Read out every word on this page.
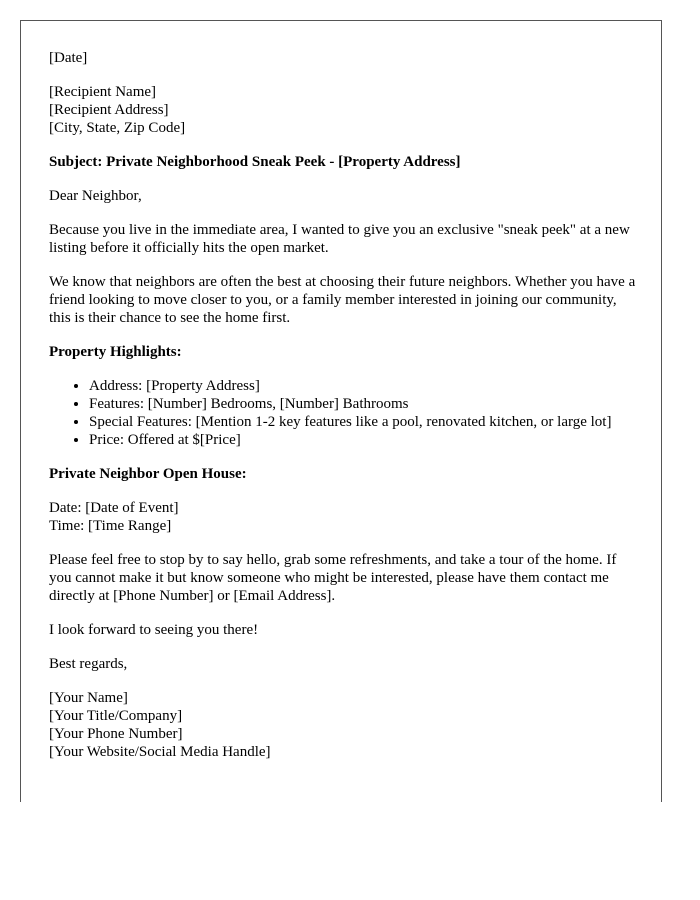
[Date]

[Recipient Name]
[Recipient Address]
[City, State, Zip Code]

Subject: Private Neighborhood Sneak Peek - [Property Address]

Dear Neighbor,

Because you live in the immediate area, I wanted to give you an exclusive "sneak peek" at a new listing before it officially hits the open market.

We know that neighbors are often the best at choosing their future neighbors. Whether you have a friend looking to move closer to you, or a family member interested in joining our community, this is their chance to see the home first.

Property Highlights:

• Address: [Property Address]
• Features: [Number] Bedrooms, [Number] Bathrooms
• Special Features: [Mention 1-2 key features like a pool, renovated kitchen, or large lot]
• Price: Offered at $[Price]

Private Neighbor Open House:

Date: [Date of Event]
Time: [Time Range]

Please feel free to stop by to say hello, grab some refreshments, and take a tour of the home. If you cannot make it but know someone who might be interested, please have them contact me directly at [Phone Number] or [Email Address].

I look forward to seeing you there!

Best regards,

[Your Name]
[Your Title/Company]
[Your Phone Number]
[Your Website/Social Media Handle]
